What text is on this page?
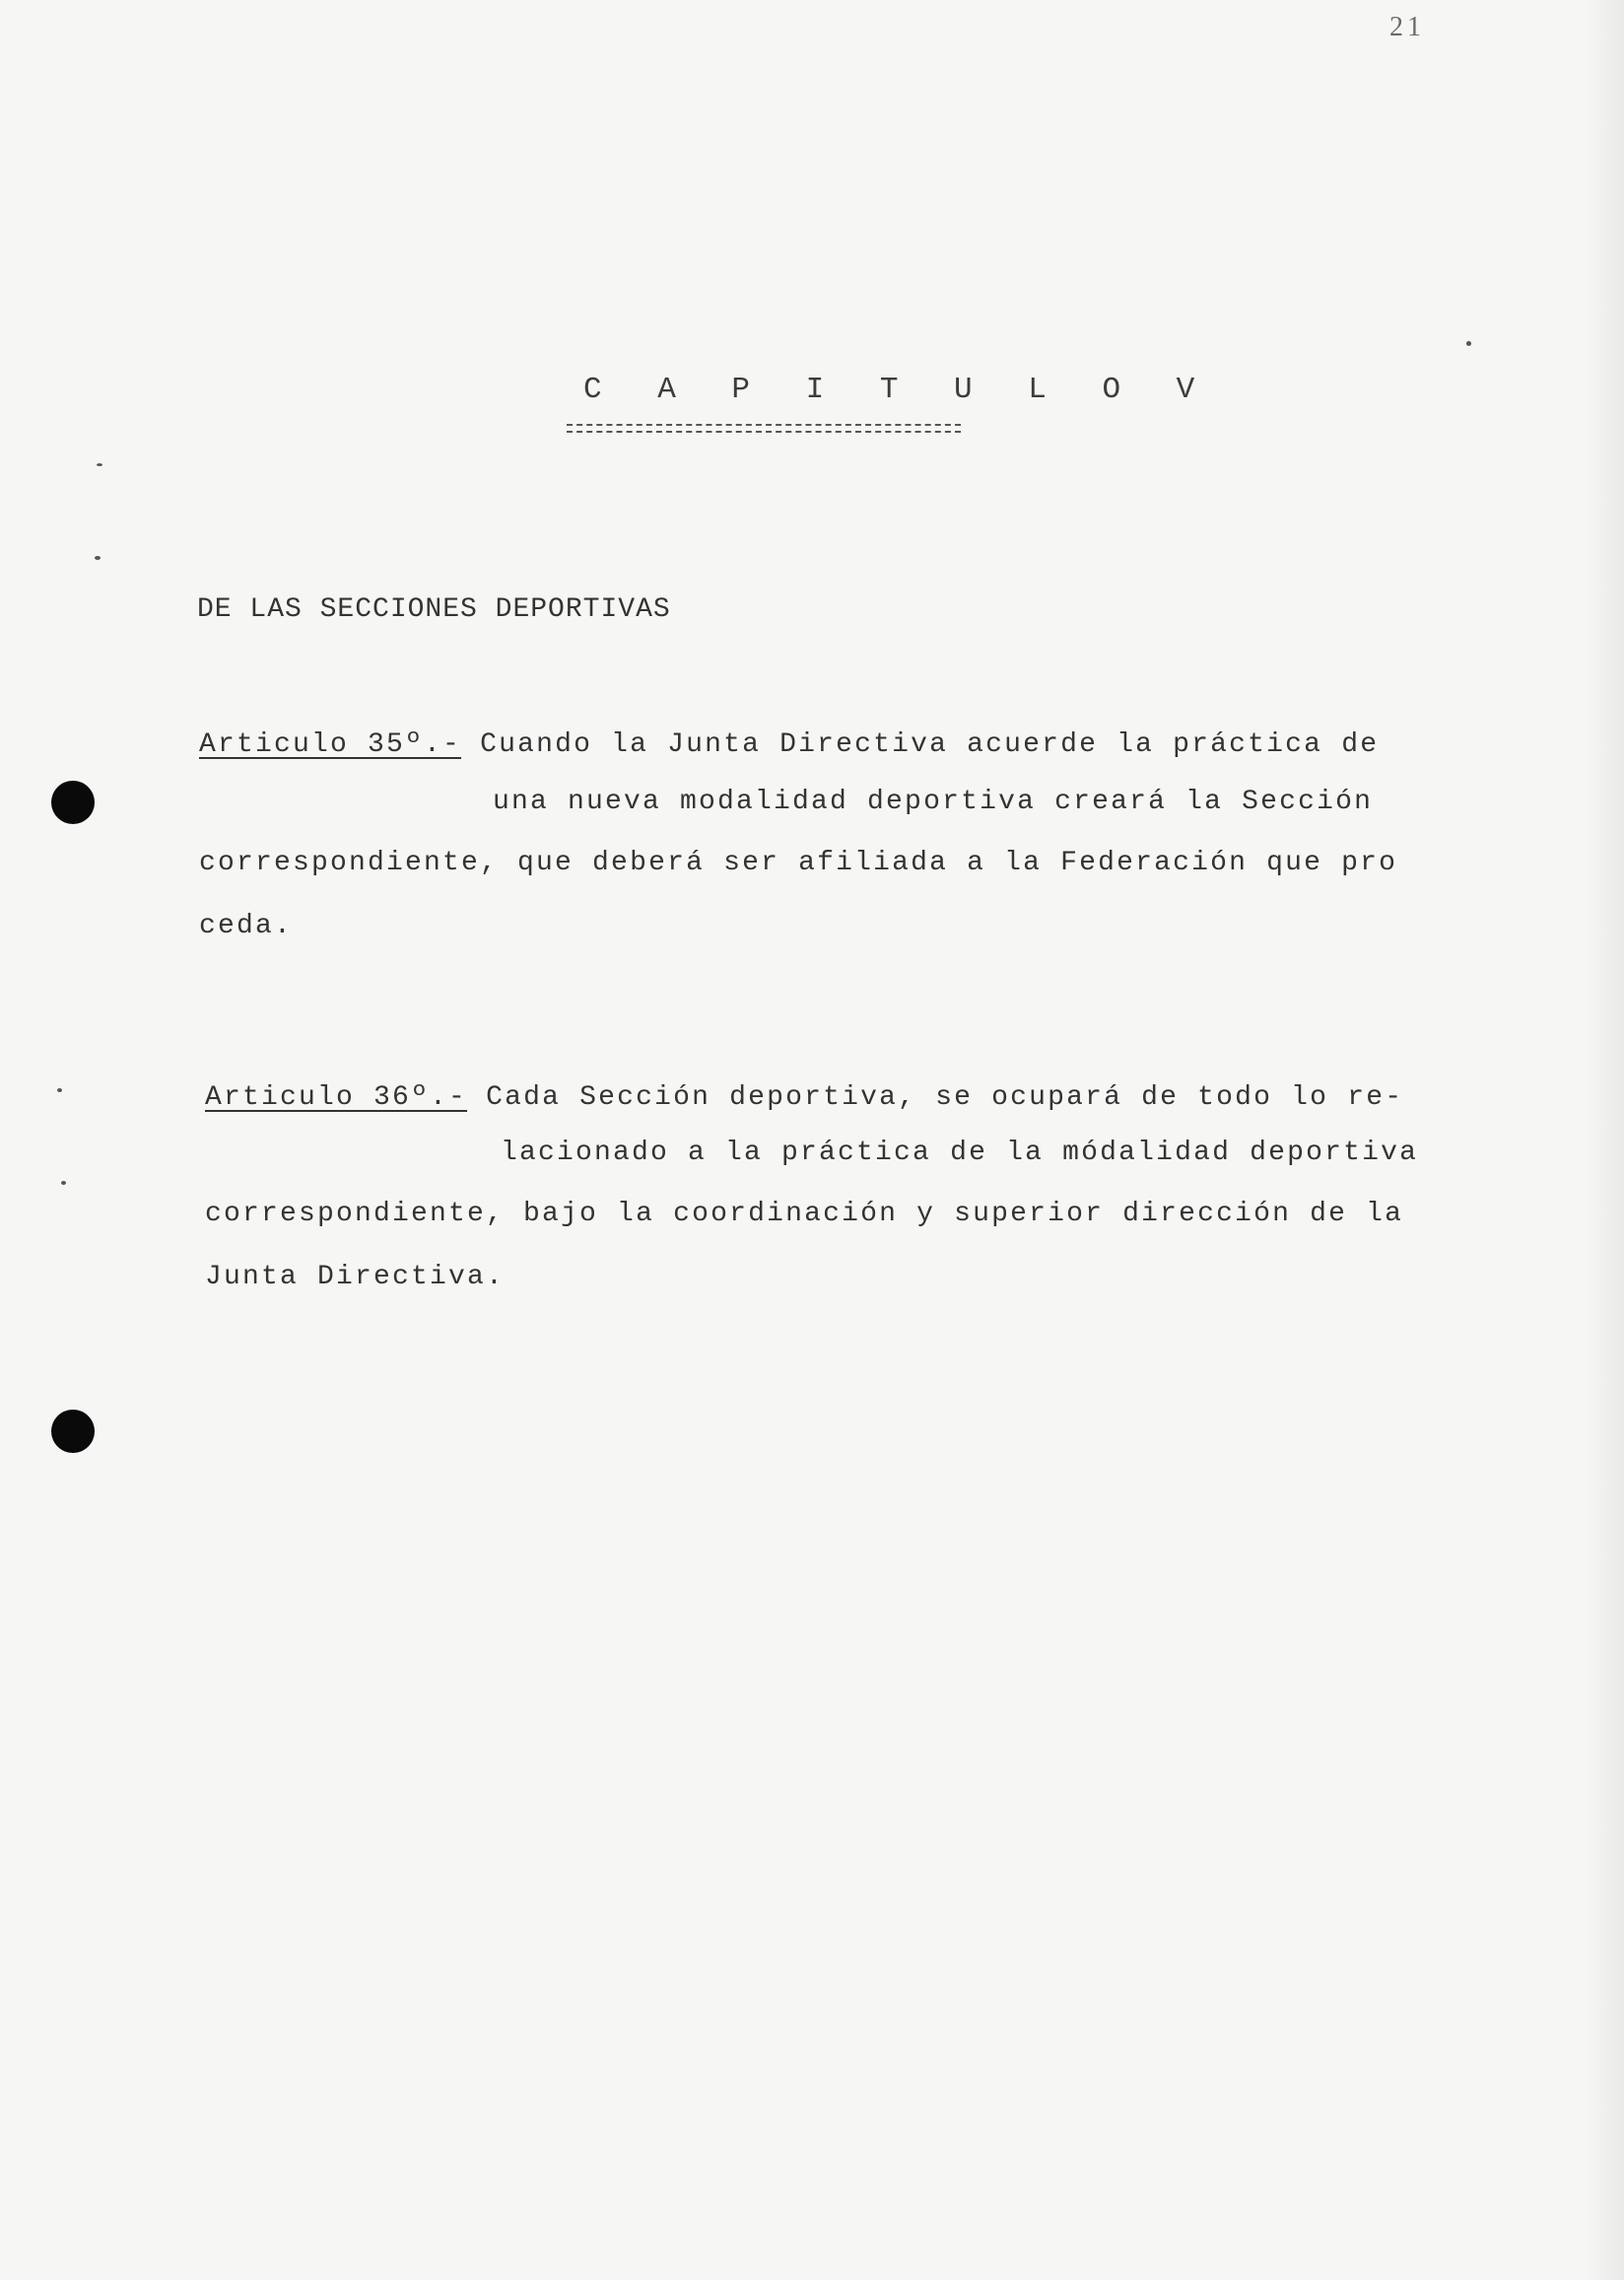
21
C A P I T U L O V
DE LAS SECCIONES DEPORTIVAS
Articulo 35º.- Cuando la Junta Directiva acuerde la práctica de
una nueva modalidad deportiva creará la Sección
correspondiente, que deberá ser afiliada a la Federación que pro
ceda.
Articulo 36º.- Cada Sección deportiva, se ocupará de todo lo re-
lacionado a la práctica de la módalidad deportiva
correspondiente, bajo la coordinación y superior dirección de la
Junta Directiva.
